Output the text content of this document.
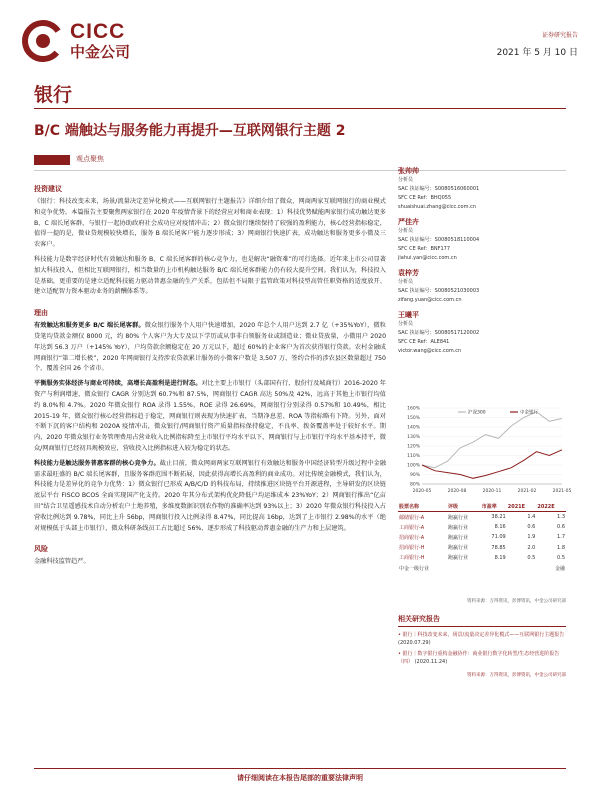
CICC
中金公司
证券研究报告
2021 年 5 月 10 日
银行
B/C 端触达与服务能力再提升—互联网银行主题 2
观点聚焦
投资建议

《银行：科技改变未来，场景/流量决定差异化模式——互联网银行主题报告》详细介绍了微众、网商两家互联网银行的商业模式和竞争优势。本篇报告主要聚焦两家银行在 2020 年疫情背景下的经营应对和商业表现：1）科技优势赋能两家银行成功触达更多 B、C 端长尾客群，与银行一起协助政府社会成功应对疫情冲击；2）微众银行继续保持了较强的盈利能力，核心经营指标稳定，值得一提的是，微业贷规模较快增长，服务 B 端长尾客户能力逐步形成；3）网商银行快速扩表，成功触达和服务更多小微及三农客户。

科技能力是数字经济时代有效触达和服务 B、C 端长尾客群的核心竞争力，也是解决“融资难”的可行选择。近年来上市公司显著加大科技投入，但相比互联网银行，相当数量的上市机构触达服务 B/C 端长尾客群能力仍有较大提升空间。我们认为，科技投入是基础，更重要的是建立适配科技能力驱动普惠金融的生产关系，包括但不局限于监管政策对科技型高管任职资格的适度放开、建立适配智力资本驱动业务的薪酬体系等。

理由

有效触达和服务更多 B/C 端长尾客群。微众银行服务个人用户快速增加，2020 年总个人用户达到 2.7 亿（+35%YoY），微粒贷笔均贷款金额仅 8000 元，约 80% 个人客户为大专及以下学历或从事非白领服务业或制造业；微业贷放量，小微用户 2020 年达到 56.3 万户（+145% YoY），户均贷款余额稳定在 20 万元以下，超过 60%的企业客户为首次获得银行贷款。农村金融成网商银行“第二增长极”，2020 年网商银行支持涉农贷款累计服务的小微客户数是 3,507 万，签约合作的涉农县区数量超过 750 个，覆盖全国 26 个省市。

平衡服务实体经济与商业可持续，高增长高盈利是进行时态。对比主要上市银行（头部国有行、股份行及城商行）2016-2020 年资产与利润增速，微众银行 CAGR 分别达到 60.7%和 87.5%，网商银行 CAGR 高达 50%及 42%，远高于其他上市银行均值约 8.0%和 4.7%。2020 年微众银行 ROA 录得 1.55%，ROE 录得 26.69%，网商银行分别录得 0.57%和 10.49%，相比 2015-19 年，微众银行核心经营指标趋于稳定，网商银行则表现为快速扩表，当期净息差、ROA 等指标略有下降。另外，面对不断下沉的客户结构和 2020A 疫情冲击，微众银行/网商银行资产质量指标保持稳定，不良率、拨备覆盖率处于较好水平。期内，2020 年微众银行业务管理费用占营业收入比例指标降至上市银行平均水平以下，网商银行与上市银行平均水平基本持平，微众/网商银行已经初具规模效应，营收投入比例指标进入较为稳定的状态。

科技能力是触达服务普惠客群的核心竞争力。截止目前，微众网商两家互联网银行有效触达和服务中国经济转型升级过程中金融需求最旺盛的 B/C 端长尾客群，且服务客群范围不断拓展，因此获得高增长高盈利的商业成功。对比传统金融模式，我们认为，科技能力是差异化的竞争力优势：1）微众银行已形成 A/B/C/D 的科技布局，持续推进区块链平台开源进程，主导研发的区块链底层平台 FISCO BCOS 全面实现国产化支持。2020 年其分布式架构优化降低户均运维成本 23%YoY；2）网商银行推出“亿亩田”结合卫星遥感技术自动分析农户土地养殖，多维度数据识别农作物的准确率达到 93%以上；3）2020 年微众银行科技投入占营收比例达到 9.78%，同比上升 56bp，网商银行投入比例录得 8.47%，同比提高 16bp，达到了上市银行 2.98%的水平（绝对规模低于头部上市银行），微众科研条线员工占比超过 56%，逐步形成了科技驱动普惠金融的生产力和上层建筑。

风险

金融科技监管趋严。

张帅帅
分析员
SAC 执证编号：S0080516060001
SFC CE Ref：BHQ055
shuaishuai.zhang@cicc.com.cn
严佳卉
分析员
SAC 执证编号：S0080518110004
SFC CE Ref：BNF177
jiahui.yan@cicc.com.cn
袁梓芳
分析员
SAC 执证编号：S0080521030003
zifang.yuan@cicc.com.cn
王曦平
分析员
SAC 执证编号：S0080517120002
SFC CE Ref：ALE841
victor.wang@cicc.com.cn
160%
150%
140%
130%
120%
110%
100%
90%
80%
2020-05	2020-08	2020-11	2021-02	2021-05
沪深300	中金银行
股票名称	评级	市盈率	2021E	2022E
邮储银行-A	跑赢行业	38.21	1.4	1.3
工商银行-A	跑赢行业	8.16	0.6	0.6
招商银行-A	跑赢行业	71.09	1.9	1.7
招商银行-H	跑赢行业	78.85	2.0	1.8
工商银行-H	跑赢行业	8.19	0.5	0.5
中金一级行业				金融
资料来源：万得资讯，彭博资讯，中金公司研究部
相关研究报告
• 银行｜科技改变未来，场景/流量决定差异化模式——互联网银行主题报告 (2020.07.29)
• 银行｜数字银行重构金融协作：商业银行数字化转型/生态经营进阶报告（四） (2020.11.24)
资料来源：万得资讯，彭博资讯，中金公司研究部
请仔细阅读在本报告尾部的重要法律声明
